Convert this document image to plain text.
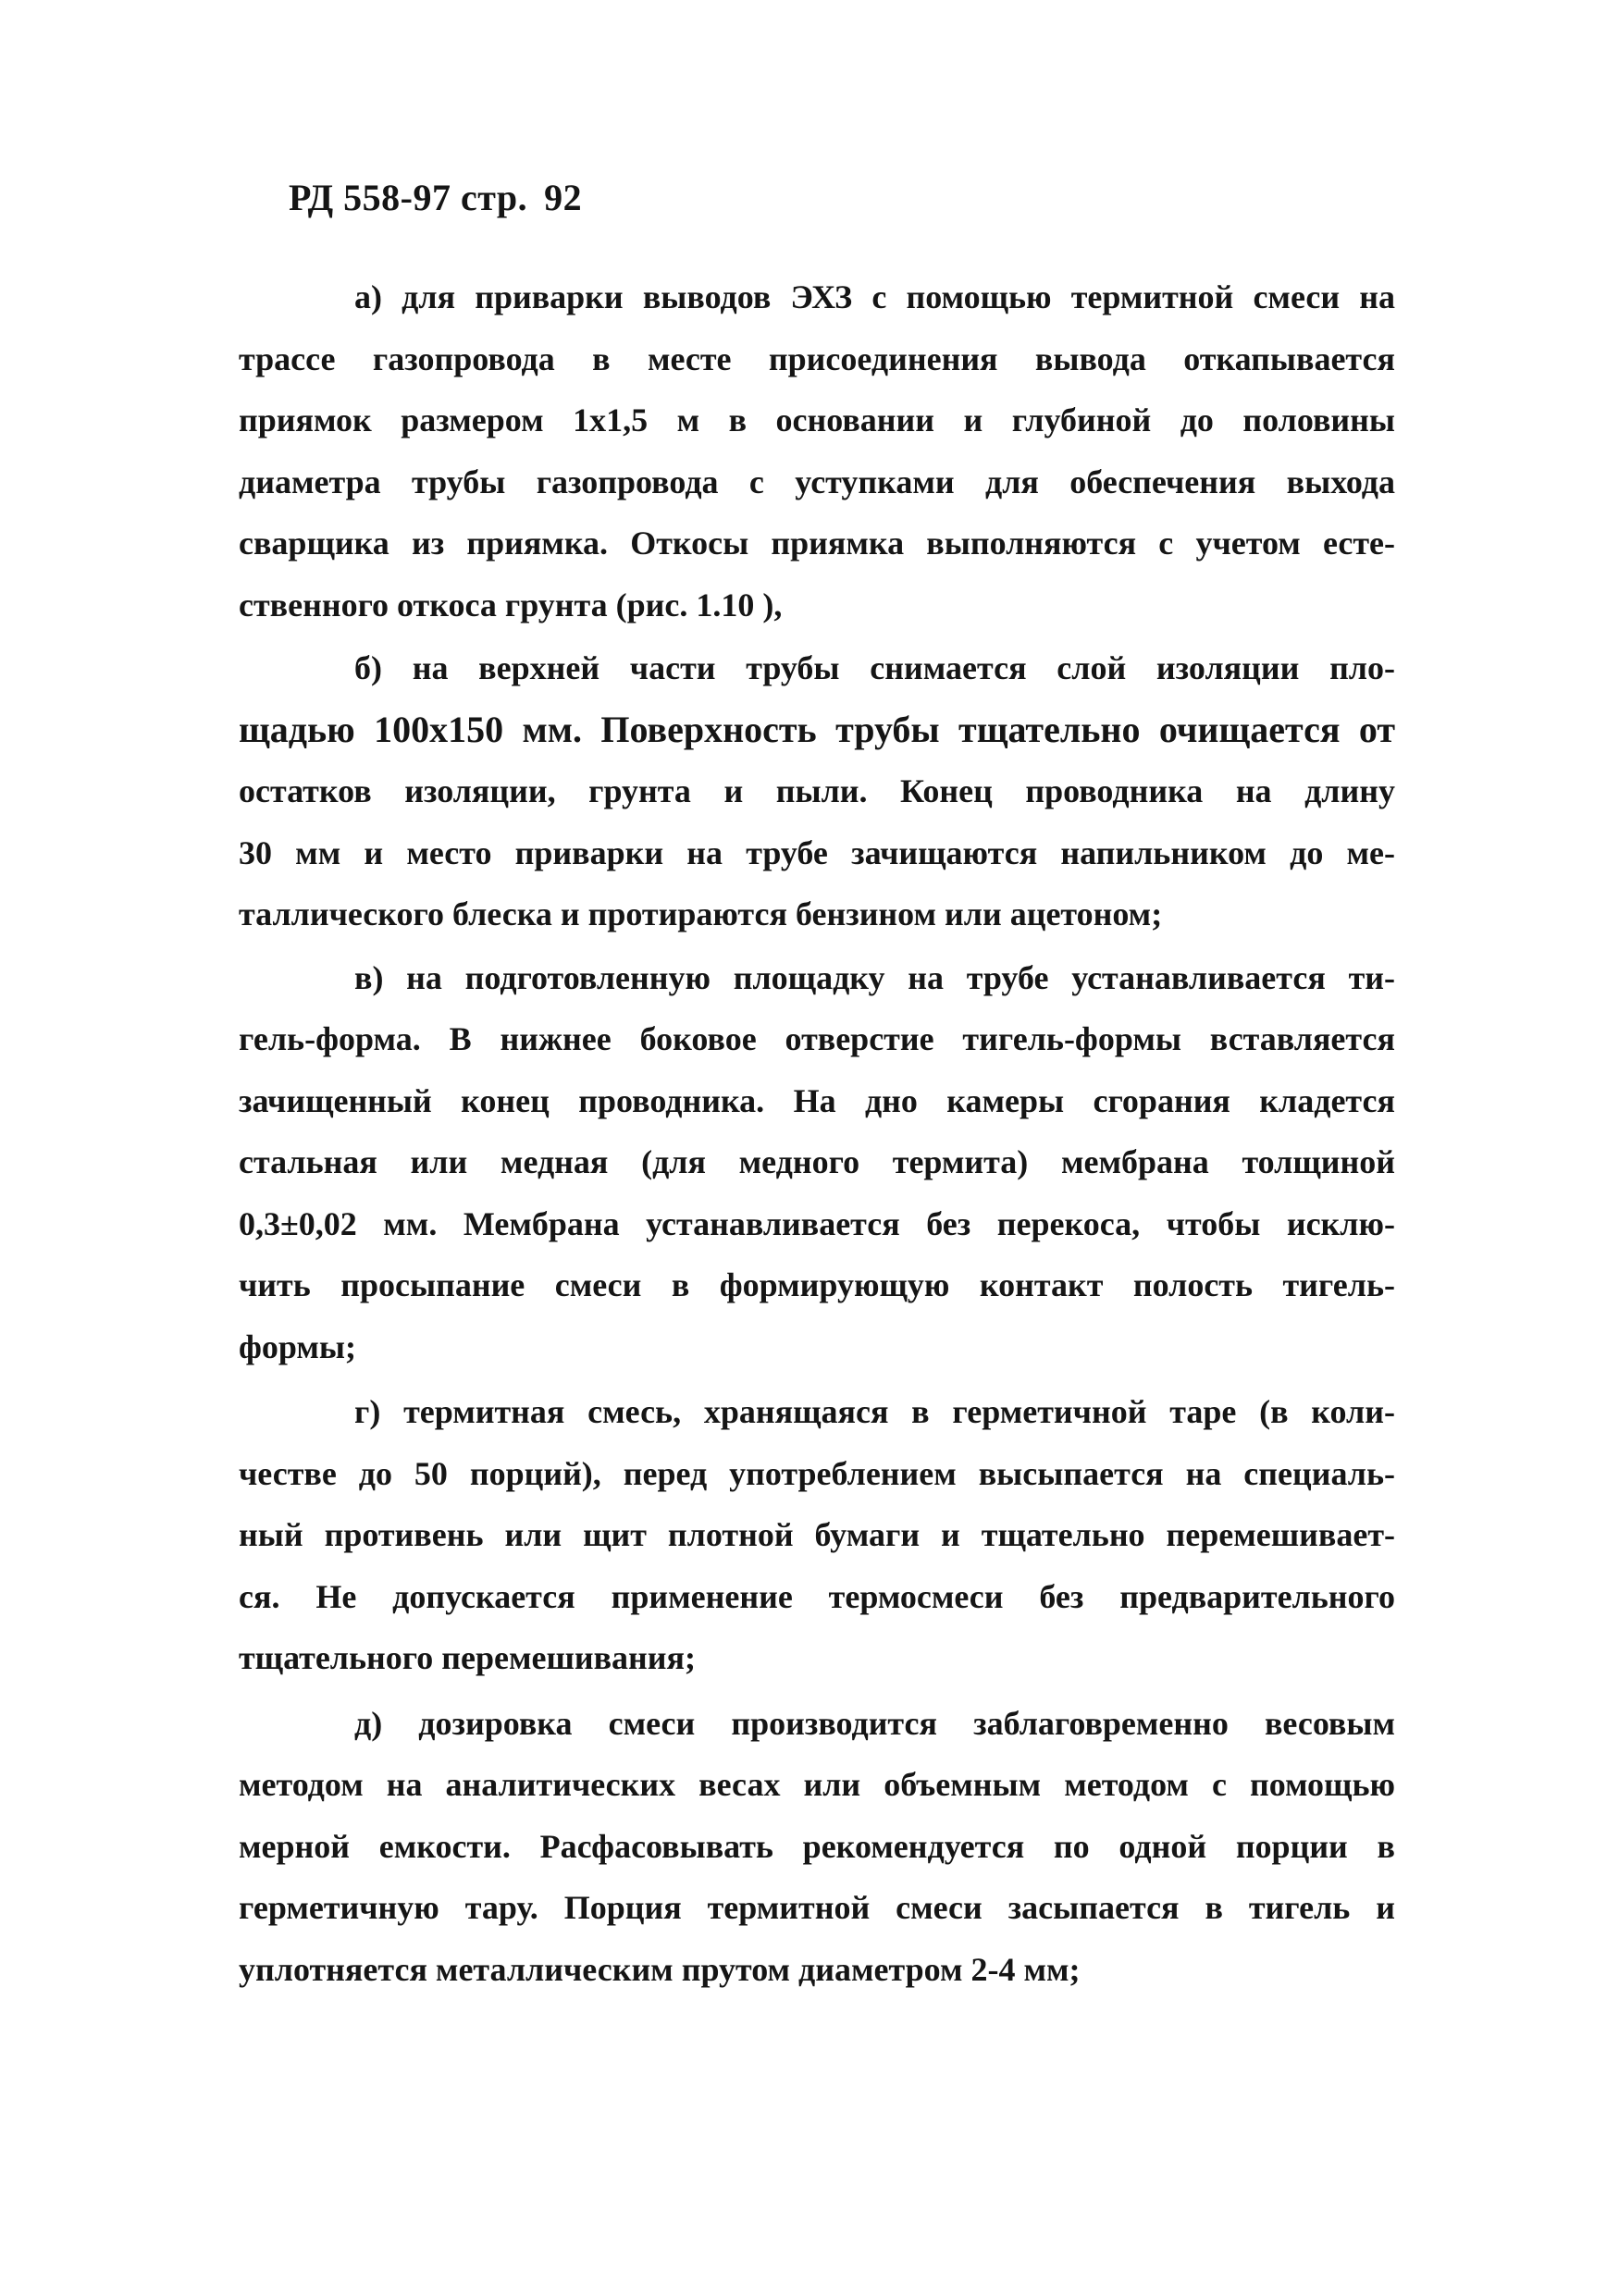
РД 558-97 стр. 92

а) для приварки выводов ЭХЗ с помощью термитной смеси на
трассе газопровода в месте присоединения вывода откапывается
приямок размером 1х1,5 м в основании и глубиной до половины
диаметра трубы газопровода с уступками для обеспечения выхода
сварщика из приямка. Откосы приямка выполняются с учетом есте-
ственного откоса грунта (рис. 1.10 ),

б) на верхней части трубы снимается слой изоляции пло-
щадью 100х150 мм. Поверхность трубы тщательно очищается от
остатков изоляции, грунта и пыли. Конец проводника на длину
30 мм и место приварки на трубе зачищаются напильником до ме-
таллического блеска и протираются бензином или ацетоном;

в) на подготовленную площадку на трубе устанавливается ти-
гель-форма. В нижнее боковое отверстие тигель-формы вставляется
зачищенный конец проводника. На дно камеры сгорания кладется
стальная или медная (для медного термита) мембрана толщиной
0,3±0,02 мм. Мембрана устанавливается без перекоса, чтобы исклю-
чить просыпание смеси в формирующую контакт полость тигель-
формы;

г) термитная смесь, хранящаяся в герметичной таре (в коли-
честве до 50 порций), перед употреблением высыпается на специаль-
ный противень или щит плотной бумаги и тщательно перемешивает-
ся. Не допускается применение термосмеси без предварительного
тщательного перемешивания;

д) дозировка смеси производится заблаговременно весовым
методом на аналитических весах или объемным методом с помощью
мерной емкости. Расфасовывать рекомендуется по одной порции в
герметичную тару. Порция термитной смеси засыпается в тигель и
уплотняется металлическим прутом диаметром 2-4 мм;
